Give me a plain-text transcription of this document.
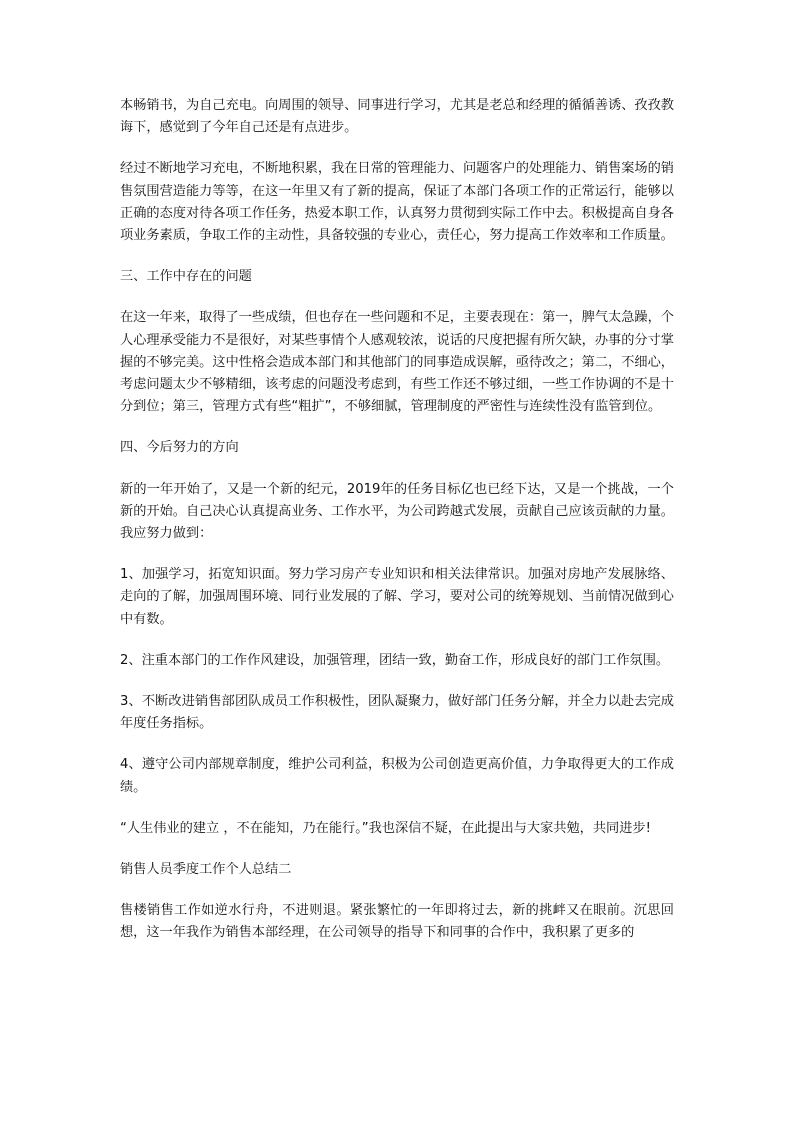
本畅销书，为自己充电。向周围的领导、同事进行学习，尤其是老总和经理的循循善诱、孜孜教诲下，感觉到了今年自己还是有点进步。

经过不断地学习充电，不断地积累，我在日常的管理能力、问题客户的处理能力、销售案场的销售氛围营造能力等等，在这一年里又有了新的提高，保证了本部门各项工作的正常运行，能够以正确的态度对待各项工作任务，热爱本职工作，认真努力贯彻到实际工作中去。积极提高自身各项业务素质，争取工作的主动性，具备较强的专业心，责任心，努力提高工作效率和工作质量。

三、工作中存在的问题

在这一年来，取得了一些成绩，但也存在一些问题和不足，主要表现在：第一，脾气太急躁，个人心理承受能力不是很好，对某些事情个人感观较浓，说话的尺度把握有所欠缺，办事的分寸掌握的不够完美。这中性格会造成本部门和其他部门的同事造成误解，亟待改之；第二，不细心，考虑问题太少不够精细，该考虑的问题没考虑到，有些工作还不够过细，一些工作协调的不是十分到位；第三，管理方式有些“粗扩”，不够细腻，管理制度的严密性与连续性没有监管到位。

四、今后努力的方向

新的一年开始了，又是一个新的纪元，2019年的任务目标亿也已经下达，又是一个挑战，一个新的开始。自己决心认真提高业务、工作水平，为公司跨越式发展，贡献自己应该贡献的力量。我应努力做到：

1、加强学习，拓宽知识面。努力学习房产专业知识和相关法律常识。加强对房地产发展脉络、走向的了解，加强周围环境、同行业发展的了解、学习，要对公司的统筹规划、当前情况做到心中有数。

2、注重本部门的工作作风建设，加强管理，团结一致，勤奋工作，形成良好的部门工作氛围。

3、不断改进销售部团队成员工作积极性，团队凝聚力，做好部门任务分解，并全力以赴去完成年度任务指标。

4、遵守公司内部规章制度，维护公司利益，积极为公司创造更高价值，力争取得更大的工作成绩。

“人生伟业的建立 ，不在能知，乃在能行。”我也深信不疑，在此提出与大家共勉，共同进步!

销售人员季度工作个人总结二

售楼销售工作如逆水行舟，不进则退。紧张繁忙的一年即将过去，新的挑衅又在眼前。沉思回想，这一年我作为销售本部经理，在公司领导的指导下和同事的合作中，我积累了更多的
